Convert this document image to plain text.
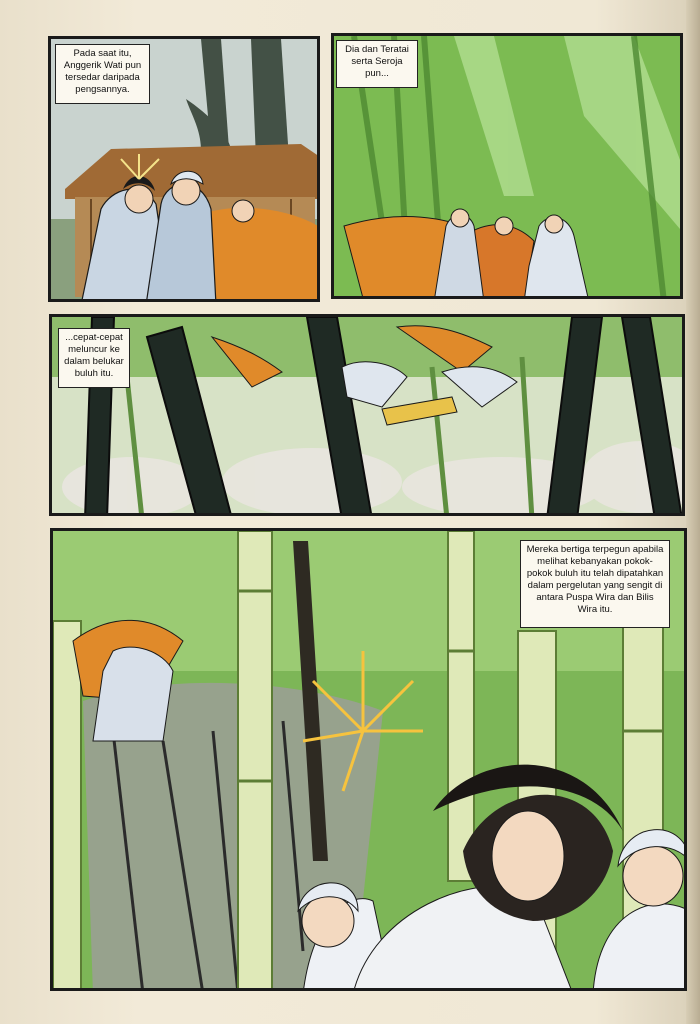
Pada saat itu, Anggerik Wati pun tersedar daripada pengsannya.
Dia dan Teratai serta Seroja pun...
...cepat-cepat meluncur ke dalam belukar buluh itu.
Mereka bertiga terpegun apabila melihat kebanyakan pokok-pokok buluh itu telah dipatahkan dalam pergelutan yang sengit di antara Puspa Wira dan Bilis Wira itu.
